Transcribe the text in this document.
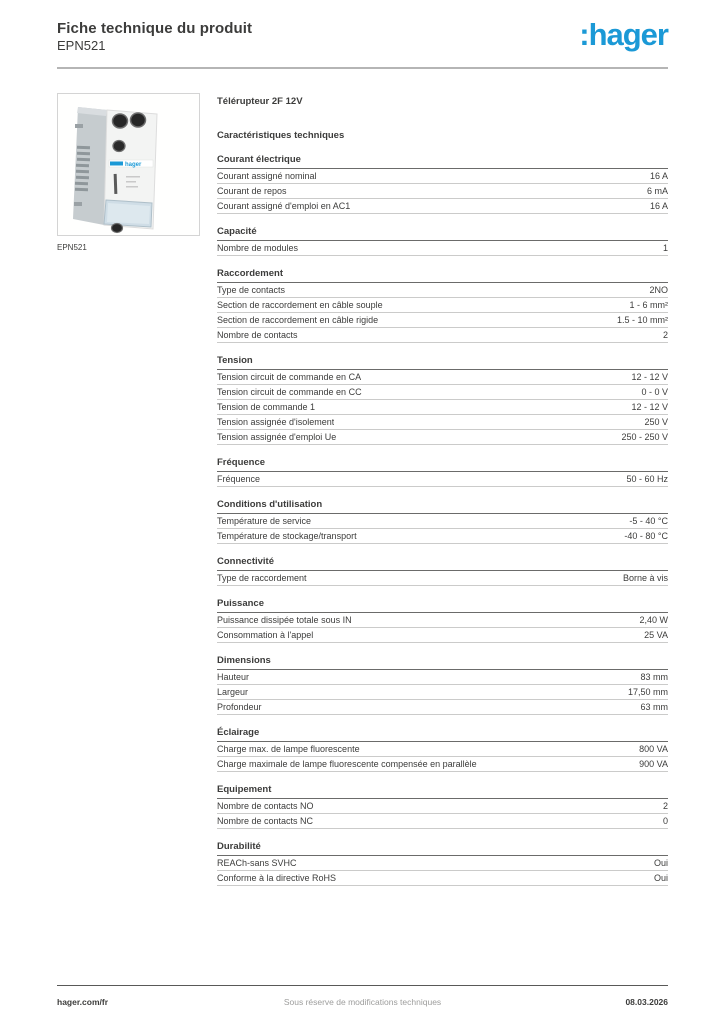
Fiche technique du produit
EPN521	:hager
hager
EPN521
Télérupteur 2F 12V
Caractéristiques techniques
Courant électrique
Courant assigné nominal	16 A
Courant de repos	6 mA
Courant assigné d'emploi en AC1	16 A
Capacité
Nombre de modules	1
Raccordement
Type de contacts	2NO
Section de raccordement en câble souple	1 - 6 mm²
Section de raccordement en câble rigide	1.5 - 10 mm²
Nombre de contacts	2
Tension
Tension circuit de commande en CA	12 - 12 V
Tension circuit de commande en CC	0 - 0 V
Tension de commande 1	12 - 12 V
Tension assignée d'isolement	250 V
Tension assignée d'emploi Ue	250 - 250 V
Fréquence
Fréquence	50 - 60 Hz
Conditions d'utilisation
Température de service	-5 - 40 °C
Température de stockage/transport	-40 - 80 °C
Connectivité
Type de raccordement	Borne à vis
Puissance
Puissance dissipée totale sous IN	2,40 W
Consommation à l'appel	25 VA
Dimensions
Hauteur	83 mm
Largeur	17,50 mm
Profondeur	63 mm
Éclairage
Charge max. de lampe fluorescente	800 VA
Charge maximale de lampe fluorescente compensée en parallèle	900 VA
Equipement
Nombre de contacts NO	2
Nombre de contacts NC	0
Durabilité
REACh-sans SVHC	Oui
Conforme à la directive RoHS	Oui
hager.com/fr	Sous réserve de modifications techniques	08.03.2026
